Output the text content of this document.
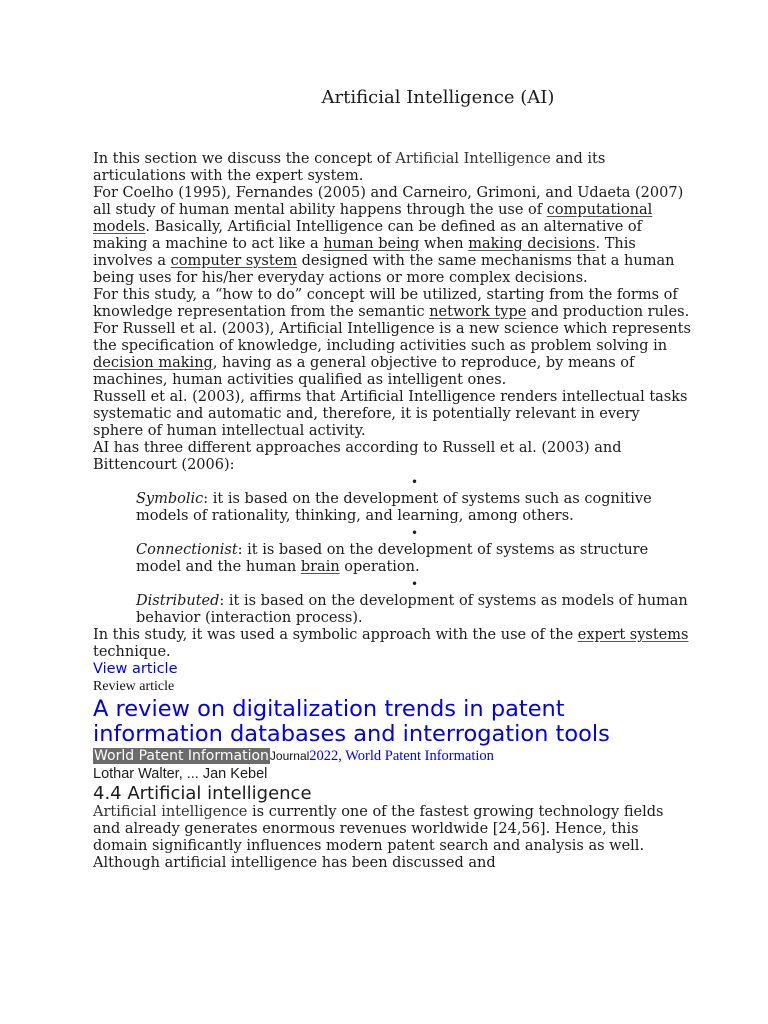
Artificial Intelligence (AI)

In this section we discuss the concept of Artificial Intelligence and its articulations with the expert system.

For Coelho (1995), Fernandes (2005) and Carneiro, Grimoni, and Udaeta (2007) all study of human mental ability happens through the use of computational models. Basically, Artificial Intelligence can be defined as an alternative of making a machine to act like a human being when making decisions. This involves a computer system designed with the same mechanisms that a human being uses for his/her everyday actions or more complex decisions.

For this study, a “how to do” concept will be utilized, starting from the forms of knowledge representation from the semantic network type and production rules. For Russell et al. (2003), Artificial Intelligence is a new science which represents the specification of knowledge, including activities such as problem solving in decision making, having as a general objective to reproduce, by means of machines, human activities qualified as intelligent ones.

Russell et al. (2003), affirms that Artificial Intelligence renders intellectual tasks systematic and automatic and, therefore, it is potentially relevant in every sphere of human intellectual activity.

AI has three different approaches according to Russell et al. (2003) and Bittencourt (2006):

•
Symbolic: it is based on the development of systems such as cognitive models of rationality, thinking, and learning, among others.
•
Connectionist: it is based on the development of systems as structure model and the human brain operation.
•
Distributed: it is based on the development of systems as models of human behavior (interaction process).

In this study, it was used a symbolic approach with the use of the expert systems technique.

View article
Review article
A review on digitalization trends in patent information databases and interrogation tools
World Patent InformationJournal2022, World Patent Information
Lothar Walter, ... Jan Kebel
4.4 Artificial intelligence

Artificial intelligence is currently one of the fastest growing technology fields and already generates enormous revenues worldwide [24,56]. Hence, this domain significantly influences modern patent search and analysis as well. Although artificial intelligence has been discussed and
